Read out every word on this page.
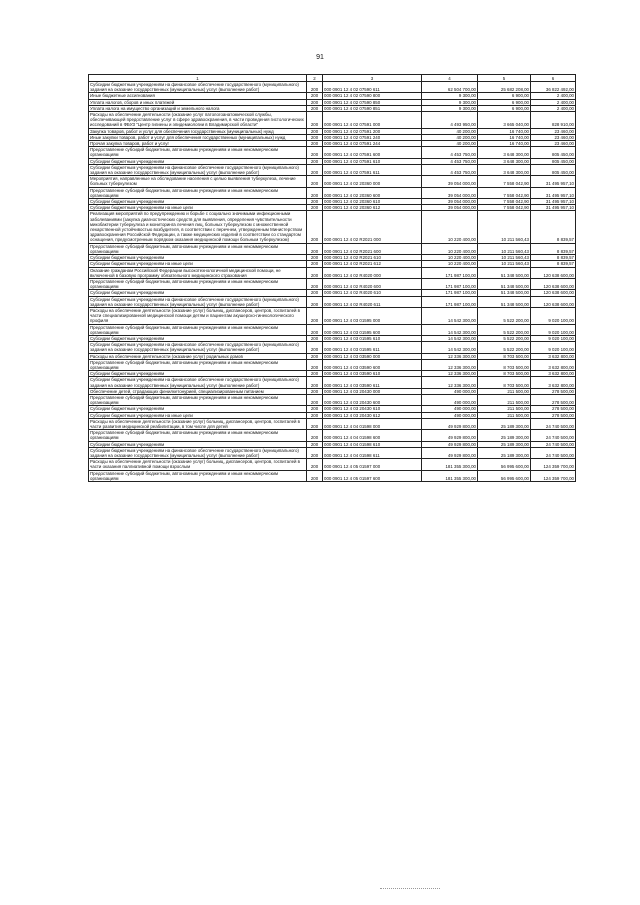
91
1	2	3	4	5	6
Субсидии бюджетным учреждениям на финансовое обеспечение государственного (муниципального) задания на оказание государственных (муниципальных) услуг (выполнение работ)	200	000 0901 12 4 02 07590 611	62 504 700,00	25 682 208,00	36 822 492,00
Иные бюджетные ассигнования	200	000 0901 12 4 02 07590 800	9 300,00	6 900,00	2 400,00
Уплата налогов, сборов и иных платежей	200	000 0901 12 4 02 07590 850	9 300,00	6 900,00	2 400,00
Уплата налога на имущество организаций и земельного налога	200	000 0901 12 4 02 07590 851	9 300,00	6 900,00	2 400,00
Расходы на обеспечение деятельности (оказание услуг патологоанатомической службы, обеспечивающей предоставление услуг в сфере здравоохранения, в части проведения гистологических исследований в ФБУЗ "Центр гигиены и эпидемиологии в Владимирской области"	200	000 0901 12 4 02 07591 000	4 493 950,00	3 665 040,00	828 910,00
Закупка товаров, работ и услуг для обеспечения государственных (муниципальных) нужд	200	000 0901 12 4 02 07591 200	40 200,00	16 740,00	23 460,00
Иные закупки товаров, работ и услуг для обеспечения государственных (муниципальных) нужд	200	000 0901 12 4 02 07591 240	40 200,00	16 740,00	23 460,00
Прочая закупка товаров, работ и услуг	200	000 0901 12 4 02 07591 244	40 200,00	16 740,00	23 460,00
Предоставление субсидий бюджетным, автономным учреждениям и иным некоммерческим организациям	200	000 0901 12 4 02 07591 600	4 453 750,00	3 648 300,00	805 450,00
Субсидии бюджетным учреждениям	200	000 0901 12 4 02 07591 610	4 453 750,00	3 648 300,00	805 450,00
Субсидии бюджетным учреждениям на финансовое обеспечение государственного (муниципального) задания на оказание государственных (муниципальных) услуг (выполнение работ)	200	000 0901 12 4 02 07591 611	4 453 750,00	3 648 300,00	805 450,00
Мероприятия, направленные на обследование населения с целью выявления туберкулеза, лечение больных туберкулезом	200	000 0901 12 4 02 20360 000	39 054 000,00	7 558 042,90	31 495 957,10
Предоставление субсидий бюджетным, автономным учреждениям и иным некоммерческим организациям	200	000 0901 12 4 02 20360 600	39 054 000,00	7 558 042,90	31 495 957,10
Субсидии бюджетным учреждениям	200	000 0901 12 4 02 20360 610	39 054 000,00	7 558 042,90	31 495 957,10
Субсидии бюджетным учреждениям на иные цели	200	000 0901 12 4 02 20360 612	39 054 000,00	7 558 042,90	31 495 957,10
Реализация мероприятий по предупреждению и борьбе с социально значимыми инфекционными заболеваниями (закупка диагностических средств для выявления, определения чувствительности микобактерии туберкулеза и мониторинга лечения лиц, больных туберкулезом с множественной лекарственной устойчивостью возбудителя, в соответствии с перечнем, утвержденным Министерством здравоохранения Российской Федерации, а также медицинских изделий в соответствии со стандартом оснащения, предусмотренным порядком оказания медицинской помощи больным туберкулезом)	200	000 0901 12 4 02 R2021 000	10 220 400,00	10 211 560,43	8 839,57
Предоставление субсидий бюджетным, автономным учреждениям и иным некоммерческим организациям	200	000 0901 12 4 02 R2021 600	10 220 400,00	10 211 560,43	8 839,57
Субсидии бюджетным учреждениям	200	000 0901 12 4 02 R2021 610	10 220 400,00	10 211 560,43	8 839,57
Субсидии бюджетным учреждениям на иные цели	200	000 0901 12 4 02 R2021 612	10 220 400,00	10 211 560,43	8 839,57
Оказание гражданам Российской Федерации высокотехнологичной медицинской помощи, не включенной в базовую программу обязательного медицинского страхования	200	000 0901 12 4 02 R4020 000	171 987 100,00	51 348 500,00	120 638 600,00
Предоставление субсидий бюджетным, автономным учреждениям и иным некоммерческим организациям	200	000 0901 12 4 02 R4020 600	171 987 100,00	51 348 500,00	120 638 600,00
Субсидии бюджетным учреждениям	200	000 0901 12 4 02 R4020 610	171 987 100,00	51 348 500,00	120 638 600,00
Субсидии бюджетным учреждениям на финансовое обеспечение государственного (муниципального) задания на оказание государственных (муниципальных) услуг (выполнение работ)	200	000 0901 12 4 02 R4020 611	171 987 100,00	51 348 500,00	120 638 600,00
Расходы на обеспечение деятельности (оказание услуг) больниц, диспансеров, центров, госпиталей в части специализированной медицинской помощи детям и пациентам акушерско-гинекологического профиля	200	000 0901 12 4 03 01595 000	14 542 300,00	5 522 200,00	9 020 100,00
Предоставление субсидий бюджетным, автономным учреждениям и иным некоммерческим организациям	200	000 0901 12 4 03 01595 600	14 542 300,00	5 522 200,00	9 020 100,00
Субсидии бюджетным учреждениям	200	000 0901 12 4 03 01595 610	14 542 300,00	5 522 200,00	9 020 100,00
Субсидии бюджетным учреждениям на финансовое обеспечение государственного (муниципального) задания на оказание государственных (муниципальных) услуг (выполнение работ)	200	000 0901 12 4 03 01595 611	14 542 300,00	5 522 200,00	9 020 100,00
Расходы на обеспечение деятельности (оказание услуг) родильных домов	200	000 0901 12 4 03 03590 000	12 336 300,00	8 703 500,00	3 632 800,00
Предоставление субсидий бюджетным, автономным учреждениям и иным некоммерческим организациям	200	000 0901 12 4 03 03590 600	12 336 300,00	8 703 500,00	3 632 800,00
Субсидии бюджетным учреждениям	200	000 0901 12 4 03 03590 610	12 336 300,00	8 703 500,00	3 632 800,00
Субсидии бюджетным учреждениям на финансовое обеспечение государственного (муниципального) задания на оказание государственных (муниципальных) услуг (выполнение работ)	200	000 0901 12 4 03 03590 611	12 336 300,00	8 703 500,00	3 632 800,00
Обеспечение детей, страдающих фенилкетонурией, специализированным питанием	200	000 0901 12 4 03 20430 000	490 000,00	211 500,00	278 500,00
Предоставление субсидий бюджетным, автономным учреждениям и иным некоммерческим организациям	200	000 0901 12 4 03 20430 600	490 000,00	211 500,00	278 500,00
Субсидии бюджетным учреждениям	200	000 0901 12 4 03 20430 610	490 000,00	211 500,00	278 500,00
Субсидии бюджетным учреждениям на иные цели	200	000 0901 12 4 03 20430 612	490 000,00	211 500,00	278 500,00
Расходы на обеспечение деятельности (оказание услуг) больниц, диспансеров, центров, госпиталей в части развития медицинской реабилитации, в том числе для детей	200	000 0901 12 4 04 01598 000	49 929 800,00	25 189 300,00	24 740 500,00
Предоставление субсидий бюджетным, автономным учреждениям и иным некоммерческим организациям	200	000 0901 12 4 04 01598 600	49 929 800,00	25 189 300,00	24 740 500,00
Субсидии бюджетным учреждениям	200	000 0901 12 4 04 01598 610	49 929 800,00	25 189 300,00	24 740 500,00
Субсидии бюджетным учреждениям на финансовое обеспечение государственного (муниципального) задания на оказание государственных (муниципальных) услуг (выполнение работ)	200	000 0901 12 4 04 01598 611	49 929 800,00	25 189 300,00	24 740 500,00
Расходы на обеспечение деятельности (оказание услуг) больниц, диспансеров, центров, госпиталей в части оказания паллиативной помощи взрослым	200	000 0901 12 4 05 01597 000	181 355 300,00	56 995 600,00	124 359 700,00
Предоставление субсидий бюджетным, автономным учреждениям и иным некоммерческим организациям	200	000 0901 12 4 05 01597 600	181 355 300,00	56 995 600,00	124 359 700,00
